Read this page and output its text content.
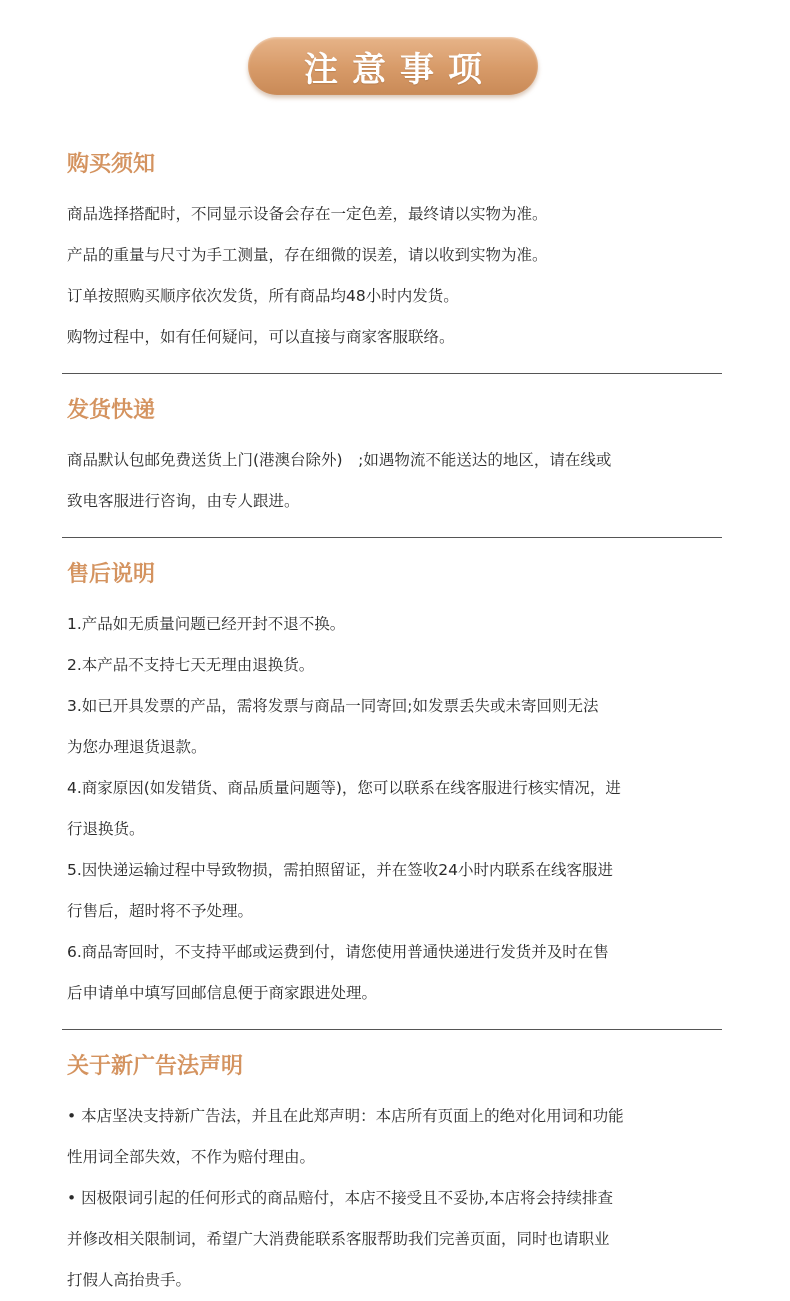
注意事项
购买须知

商品选择搭配时，不同显示设备会存在一定色差，最终请以实物为准。

产品的重量与尺寸为手工测量，存在细微的误差，请以收到实物为准。

订单按照购买顺序依次发货，所有商品均48小时内发货。

购物过程中，如有任何疑问，可以直接与商家客服联络。

发货快递

商品默认包邮免费送货上门(港澳台除外)　;如遇物流不能送达的地区，请在线或

致电客服进行咨询，由专人跟进。

售后说明

1.产品如无质量问题已经开封不退不换。

2.本产品不支持七天无理由退换货。

3.如已开具发票的产品，需将发票与商品一同寄回;如发票丢失或未寄回则无法

为您办理退货退款。

4.商家原因(如发错货、商品质量问题等)，您可以联系在线客服进行核实情况，进

行退换货。

5.因快递运输过程中导致物损，需拍照留证，并在签收24小时内联系在线客服进

行售后，超时将不予处理。

6.商品寄回时，不支持平邮或运费到付，请您使用普通快递进行发货并及时在售

后申请单中填写回邮信息便于商家跟进处理。

关于新广告法声明

• 本店坚决支持新广告法，并且在此郑声明：本店所有页面上的绝对化用词和功能

性用词全部失效，不作为赔付理由。

• 因极限词引起的任何形式的商品赔付，本店不接受且不妥协,本店将会持续排查

并修改相关限制词，希望广大消费能联系客服帮助我们完善页面，同时也请职业

打假人高抬贵手。
